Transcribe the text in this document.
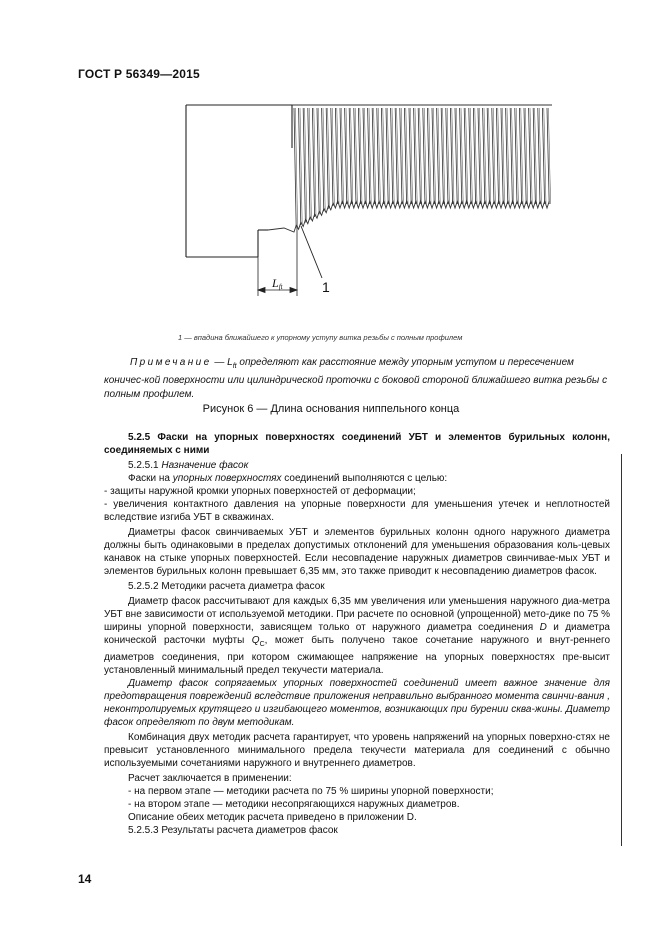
ГОСТ Р 56349—2015
Lft	1
1 — впадина ближайшего к упорному уступу витка резьбы с полным профилем
Примечание — $L_{ft}$ определяют как расстояние между упорным уступом и пересечением коничес-кой поверхности или цилиндрической проточки с боковой стороной ближайшего витка резьбы с полным профилем.
Рисунок 6 — Длина основания ниппельного конца

5.2.5 Фаски на упорных поверхностях соединений УБТ и элементов бурильных колонн, соединяемых с ними

5.2.5.1 Назначение фасок

Фаски на упорных поверхностях соединений выполняются с целью:

- защиты наружной кромки упорных поверхностей от деформации;

- увеличения контактного давления на упорные поверхности для уменьшения утечек и неплотностей вследствие изгиба УБТ в скважинах.

Диаметры фасок свинчиваемых УБТ и элементов бурильных колонн одного наружного диаметра должны быть одинаковыми в пределах допустимых отклонений для уменьшения образования коль-цевых канавок на стыке упорных поверхностей. Если несовпадение наружных диаметров свинчивае-мых УБТ и элементов бурильных колонн превышает 6,35 мм, это также приводит к несовпадению диаметров фасок.

5.2.5.2 Методики расчета диаметра фасок

Диаметр фасок рассчитывают для каждых 6,35 мм увеличения или уменьшения наружного диа-метра УБТ вне зависимости от используемой методики. При расчете по основной (упрощенной) мето-дике по 75 % ширины упорной поверхности, зависящем только от наружного диаметра соединения D и диаметра конической расточки муфты $Q_C$, может быть получено такое сочетание наружного и внут-реннего диаметров соединения, при котором сжимающее напряжение на упорных поверхностях пре-высит установленный минимальный предел текучести материала.

Диаметр фасок сопрягаемых упорных поверхностей соединений имеет важное значение для предотвращения повреждений вследствие приложения неправильно выбранного момента свинчи-вания , неконтролируемых крутящего и изгибающего моментов, возникающих при бурении сква-жины. Диаметр фасок определяют по двум методикам.

Комбинация двух методик расчета гарантирует, что уровень напряжений на упорных поверхно-стях не превысит установленного минимального предела текучести материала для соединений с обычно используемыми сочетаниями наружного и внутреннего диаметров.

Расчет заключается в применении:

- на первом этапе — методики расчета по 75 % ширины упорной поверхности;

- на втором этапе — методики несопрягающихся наружных диаметров.

Описание обеих методик расчета приведено в приложении D.

5.2.5.3 Результаты расчета диаметров фасок

14
